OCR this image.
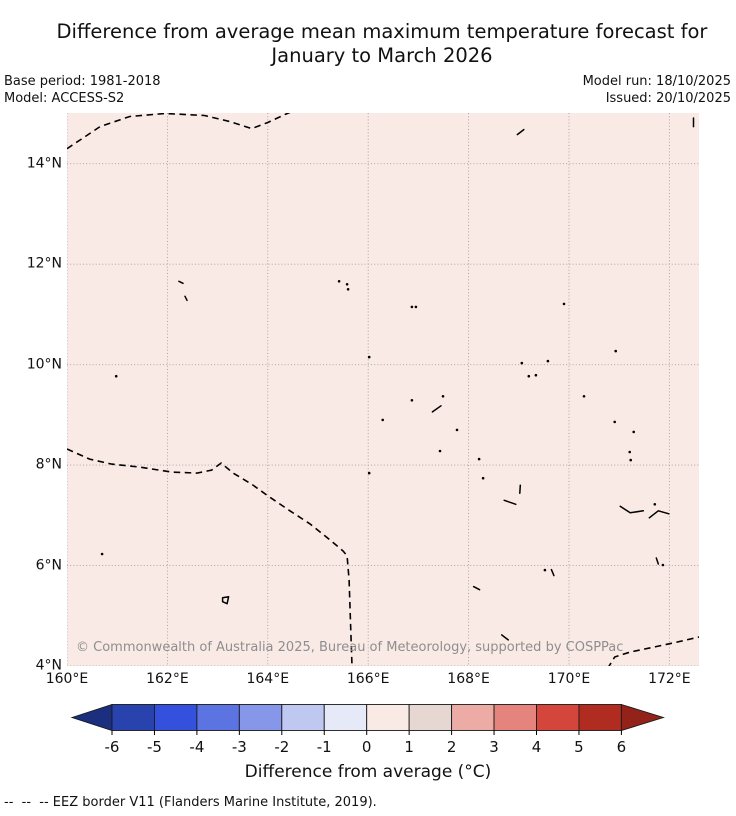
Difference from average mean maximum temperature forecast for
January to March 2026
Base period: 1981-2018
Model: ACCESS-S2
Model run: 18/10/2025
Issued: 20/10/2025
© Commonwealth of Australia 2025, Bureau of Meteorology, supported by COSPPac
160°E	162°E	164°E	166°E	168°E	170°E	172°E
14°N
12°N
10°N
8°N
6°N
4°N
-6 -5 -4 -3 -2 -1 0 1 2 3 4 5 6
Difference from average (°C)
--  --  -- EEZ border V11 (Flanders Marine Institute, 2019).
